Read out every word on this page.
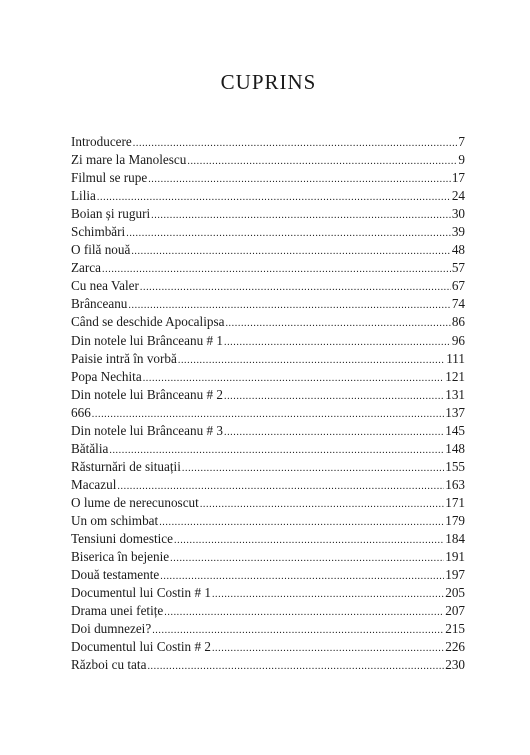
CUPRINS
Introducere .....	7
Zi mare la Manolescu .....	9
Filmul se rupe .....	17
Lilia .....	24
Boian și ruguri .....	30
Schimbări .....	39
O filă nouă .....	48
Zarca .....	57
Cu nea Valer .....	67
Brânceanu .....	74
Când se deschide Apocalipsa .....	86
Din notele lui Brânceanu # 1 .....	96
Paisie intră în vorbă .....	111
Popa Nechita .....	121
Din notele lui Brânceanu # 2 .....	131
666 .....	137
Din notele lui Brânceanu # 3 .....	145
Bătălia .....	148
Răsturnări de situații .....	155
Macazul .....	163
O lume de nerecunoscut .....	171
Un om schimbat .....	179
Tensiuni domestice .....	184
Biserica în bejenie .....	191
Două testamente .....	197
Documentul lui Costin # 1 .....	205
Drama unei fetițe .....	207
Doi dumnezei? .....	215
Documentul lui Costin # 2 .....	226
Război cu tata .....	230
